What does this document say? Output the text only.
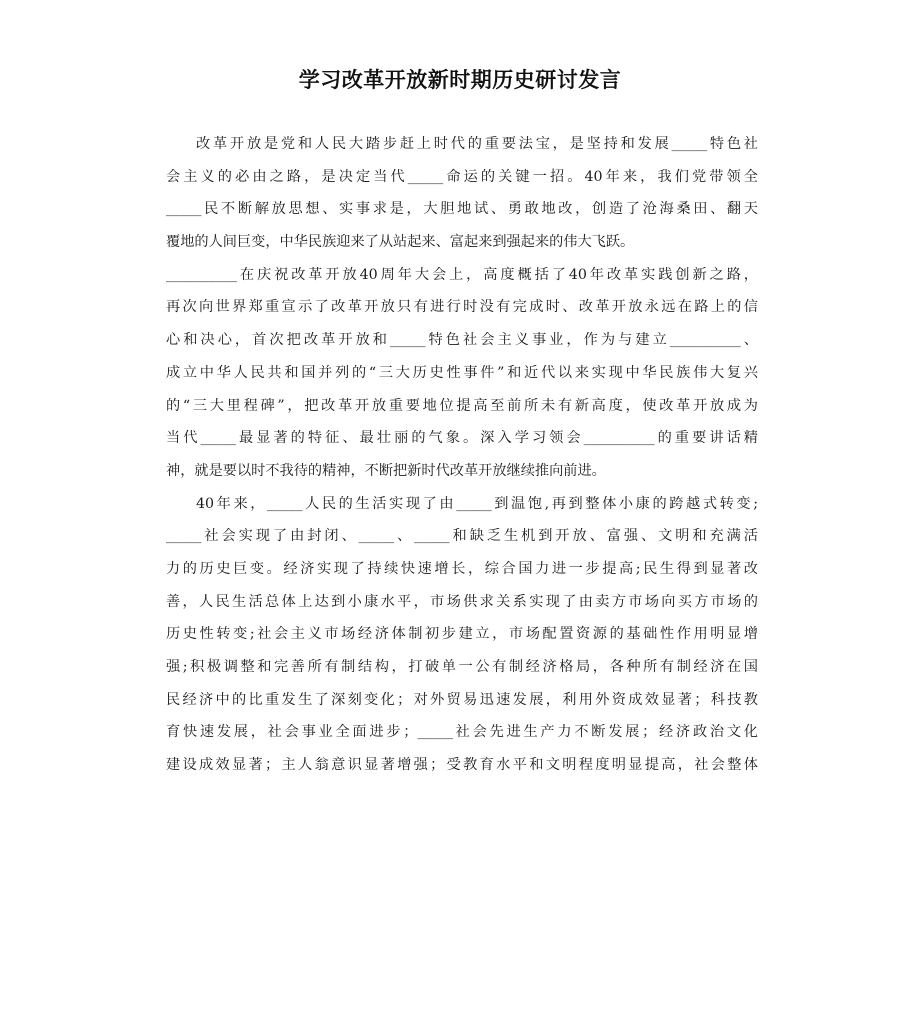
学习改革开放新时期历史研讨发言
改革开放是党和人民大踏步赶上时代的重要法宝，是坚持和发展_____特色社
会主义的必由之路，是决定当代_____命运的关键一招。40年来，我们党带领全
_____民不断解放思想、实事求是，大胆地试、勇敢地改，创造了沧海桑田、翻天
覆地的人间巨变，中华民族迎来了从站起来、富起来到强起来的伟大飞跃。
__________在庆祝改革开放40周年大会上，高度概括了40年改革实践创新之路，
再次向世界郑重宣示了改革开放只有进行时没有完成时、改革开放永远在路上的信
心和决心，首次把改革开放和_____特色社会主义事业，作为与建立__________、
成立中华人民共和国并列的“三大历史性事件”和近代以来实现中华民族伟大复兴
的“三大里程碑”，把改革开放重要地位提高至前所未有新高度，使改革开放成为
当代_____最显著的特征、最壮丽的气象。深入学习领会__________的重要讲话精
神，就是要以时不我待的精神，不断把新时代改革开放继续推向前进。
40年来，_____人民的生活实现了由_____到温饱,再到整体小康的跨越式转变;
_____社会实现了由封闭、_____、_____和缺乏生机到开放、富强、文明和充满活
力的历史巨变。经济实现了持续快速增长，综合国力进一步提高;民生得到显著改
善，人民生活总体上达到小康水平，市场供求关系实现了由卖方市场向买方市场的
历史性转变;社会主义市场经济体制初步建立，市场配置资源的基础性作用明显增
强;积极调整和完善所有制结构，打破单一公有制经济格局，各种所有制经济在国
民经济中的比重发生了深刻变化；对外贸易迅速发展，利用外资成效显著；科技教
育快速发展，社会事业全面进步；_____社会先进生产力不断发展；经济政治文化
建设成效显著；主人翁意识显著增强；受教育水平和文明程度明显提高，社会整体
